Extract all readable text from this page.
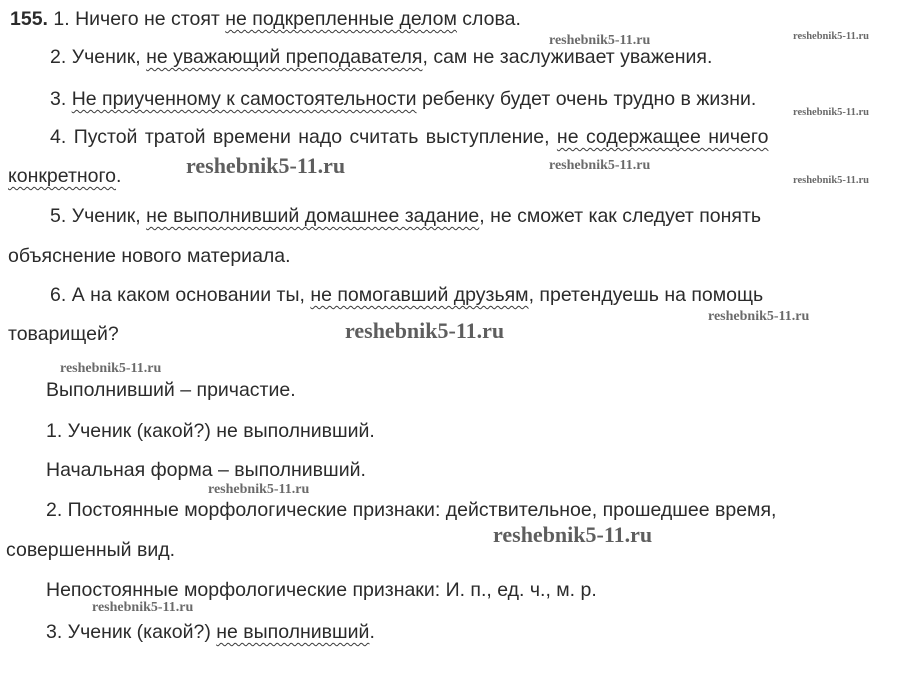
155. 1. Ничего не стоят не подкрепленные делом слова.

2. Ученик, не уважающий преподавателя, сам не заслуживает уважения.

3. Не приученному к самостоятельности ребенку будет очень трудно в жизни.

4. Пустой тратой времени надо считать выступление, не содержащее ничего

конкретного.

5. Ученик, не выполнивший домашнее задание, не сможет как следует понять

объяснение нового материала.

6. А на каком основании ты, не помогавший друзьям, претендуешь на помощь

товарищей?

Выполнивший – причастие.

1. Ученик (какой?) не выполнивший.

Начальная форма – выполнивший.

2. Постоянные морфологические признаки: действительное, прошедшее время,

совершенный вид.

Непостоянные морфологические признаки: И. п., ед. ч., м. р.

3. Ученик (какой?) не выполнивший.

reshebnik5-11.ru	reshebnik5-11.ru
reshebnik5-11.ru
reshebnik5-11.ru	reshebnik5-11.ru
reshebnik5-11.ru
reshebnik5-11.ru
reshebnik5-11.ru
reshebnik5-11.ru
reshebnik5-11.ru
reshebnik5-11.ru
reshebnik5-11.ru
